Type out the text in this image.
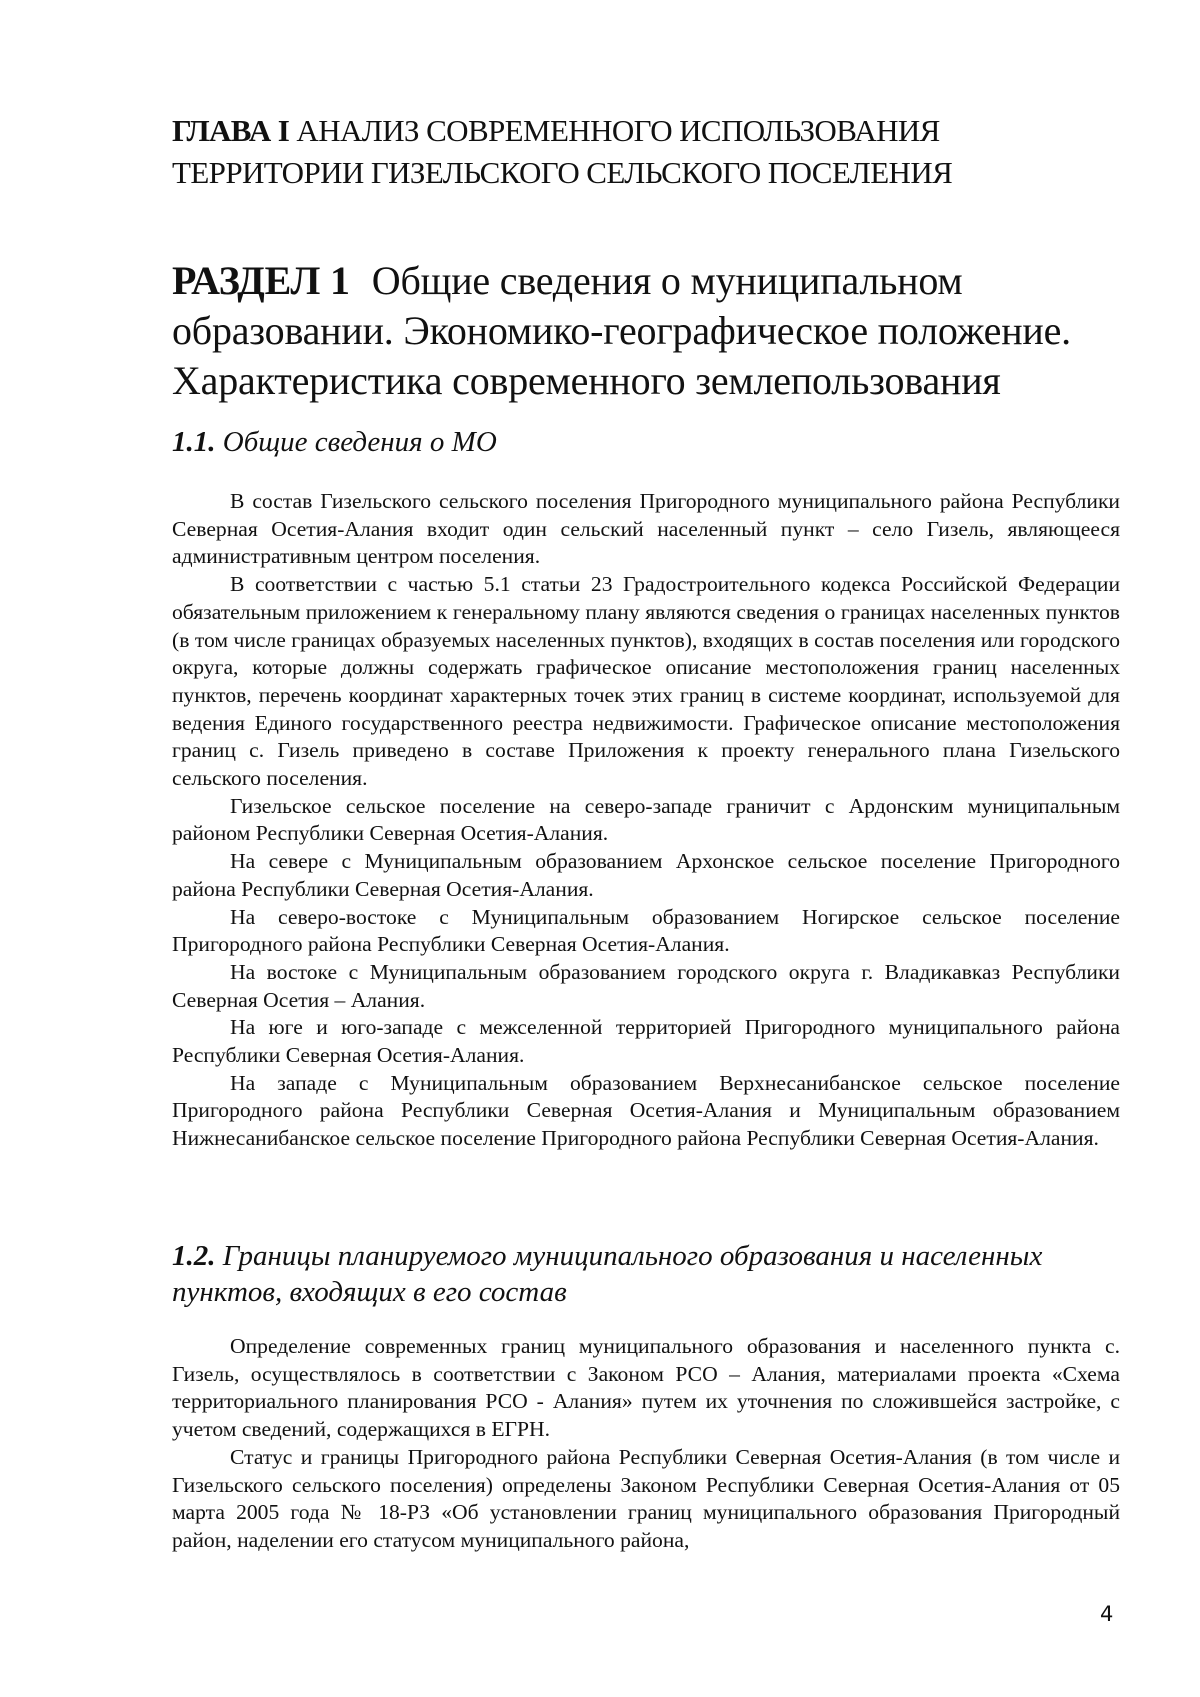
ГЛАВА I АНАЛИЗ СОВРЕМЕННОГО ИСПОЛЬЗОВАНИЯ ТЕРРИТОРИИ ГИЗЕЛЬСКОГО СЕЛЬСКОГО ПОСЕЛЕНИЯ
РАЗДЕЛ 1 Общие сведения о муниципальном образовании. Экономико-географическое положение. Характеристика современного землепользования
1.1. Общие сведения о МО

В состав Гизельского сельского поселения Пригородного муниципального района Республики Северная Осетия-Алания входит один сельский населенный пункт – село Гизель, являющееся административным центром поселения.

В соответствии с частью 5.1 статьи 23 Градостроительного кодекса Российской Федерации обязательным приложением к генеральному плану являются сведения о границах населенных пунктов (в том числе границах образуемых населенных пунктов), входящих в состав поселения или городского округа, которые должны содержать графическое описание местоположения границ населенных пунктов, перечень координат характерных точек этих границ в системе координат, используемой для ведения Единого государственного реестра недвижимости. Графическое описание местоположения границ с. Гизель приведено в составе Приложения к проекту генерального плана Гизельского сельского поселения.

Гизельское сельское поселение на северо-западе граничит с Ардонским муниципальным районом Республики Северная Осетия-Алания.

На севере с Муниципальным образованием Архонское сельское поселение Пригородного района Республики Северная Осетия-Алания.

На северо-востоке с Муниципальным образованием Ногирское сельское поселение Пригородного района Республики Северная Осетия-Алания.

На востоке с Муниципальным образованием городского округа г. Владикавказ Республики Северная Осетия – Алания.

На юге и юго-западе с межселенной территорией Пригородного муниципального района Республики Северная Осетия-Алания.

На западе с Муниципальным образованием Верхнесанибанское сельское поселение Пригородного района Республики Северная Осетия-Алания и Муниципальным образованием Нижнесанибанское сельское поселение Пригородного района Республики Северная Осетия-Алания.

1.2. Границы планируемого муниципального образования и населенных пунктов, входящих в его состав

Определение современных границ муниципального образования и населенного пункта с. Гизель, осуществлялось в соответствии с Законом РСО – Алания, материалами проекта «Схема территориального планирования РСО - Алания» путем их уточнения по сложившейся застройке, с учетом сведений, содержащихся в ЕГРН.

Статус и границы Пригородного района Республики Северная Осетия-Алания (в том числе и Гизельского сельского поселения) определены Законом Республики Северная Осетия-Алания от 05 марта 2005 года № 18-РЗ «Об установлении границ муниципального образования Пригородный район, наделении его статусом муниципального района,

4
